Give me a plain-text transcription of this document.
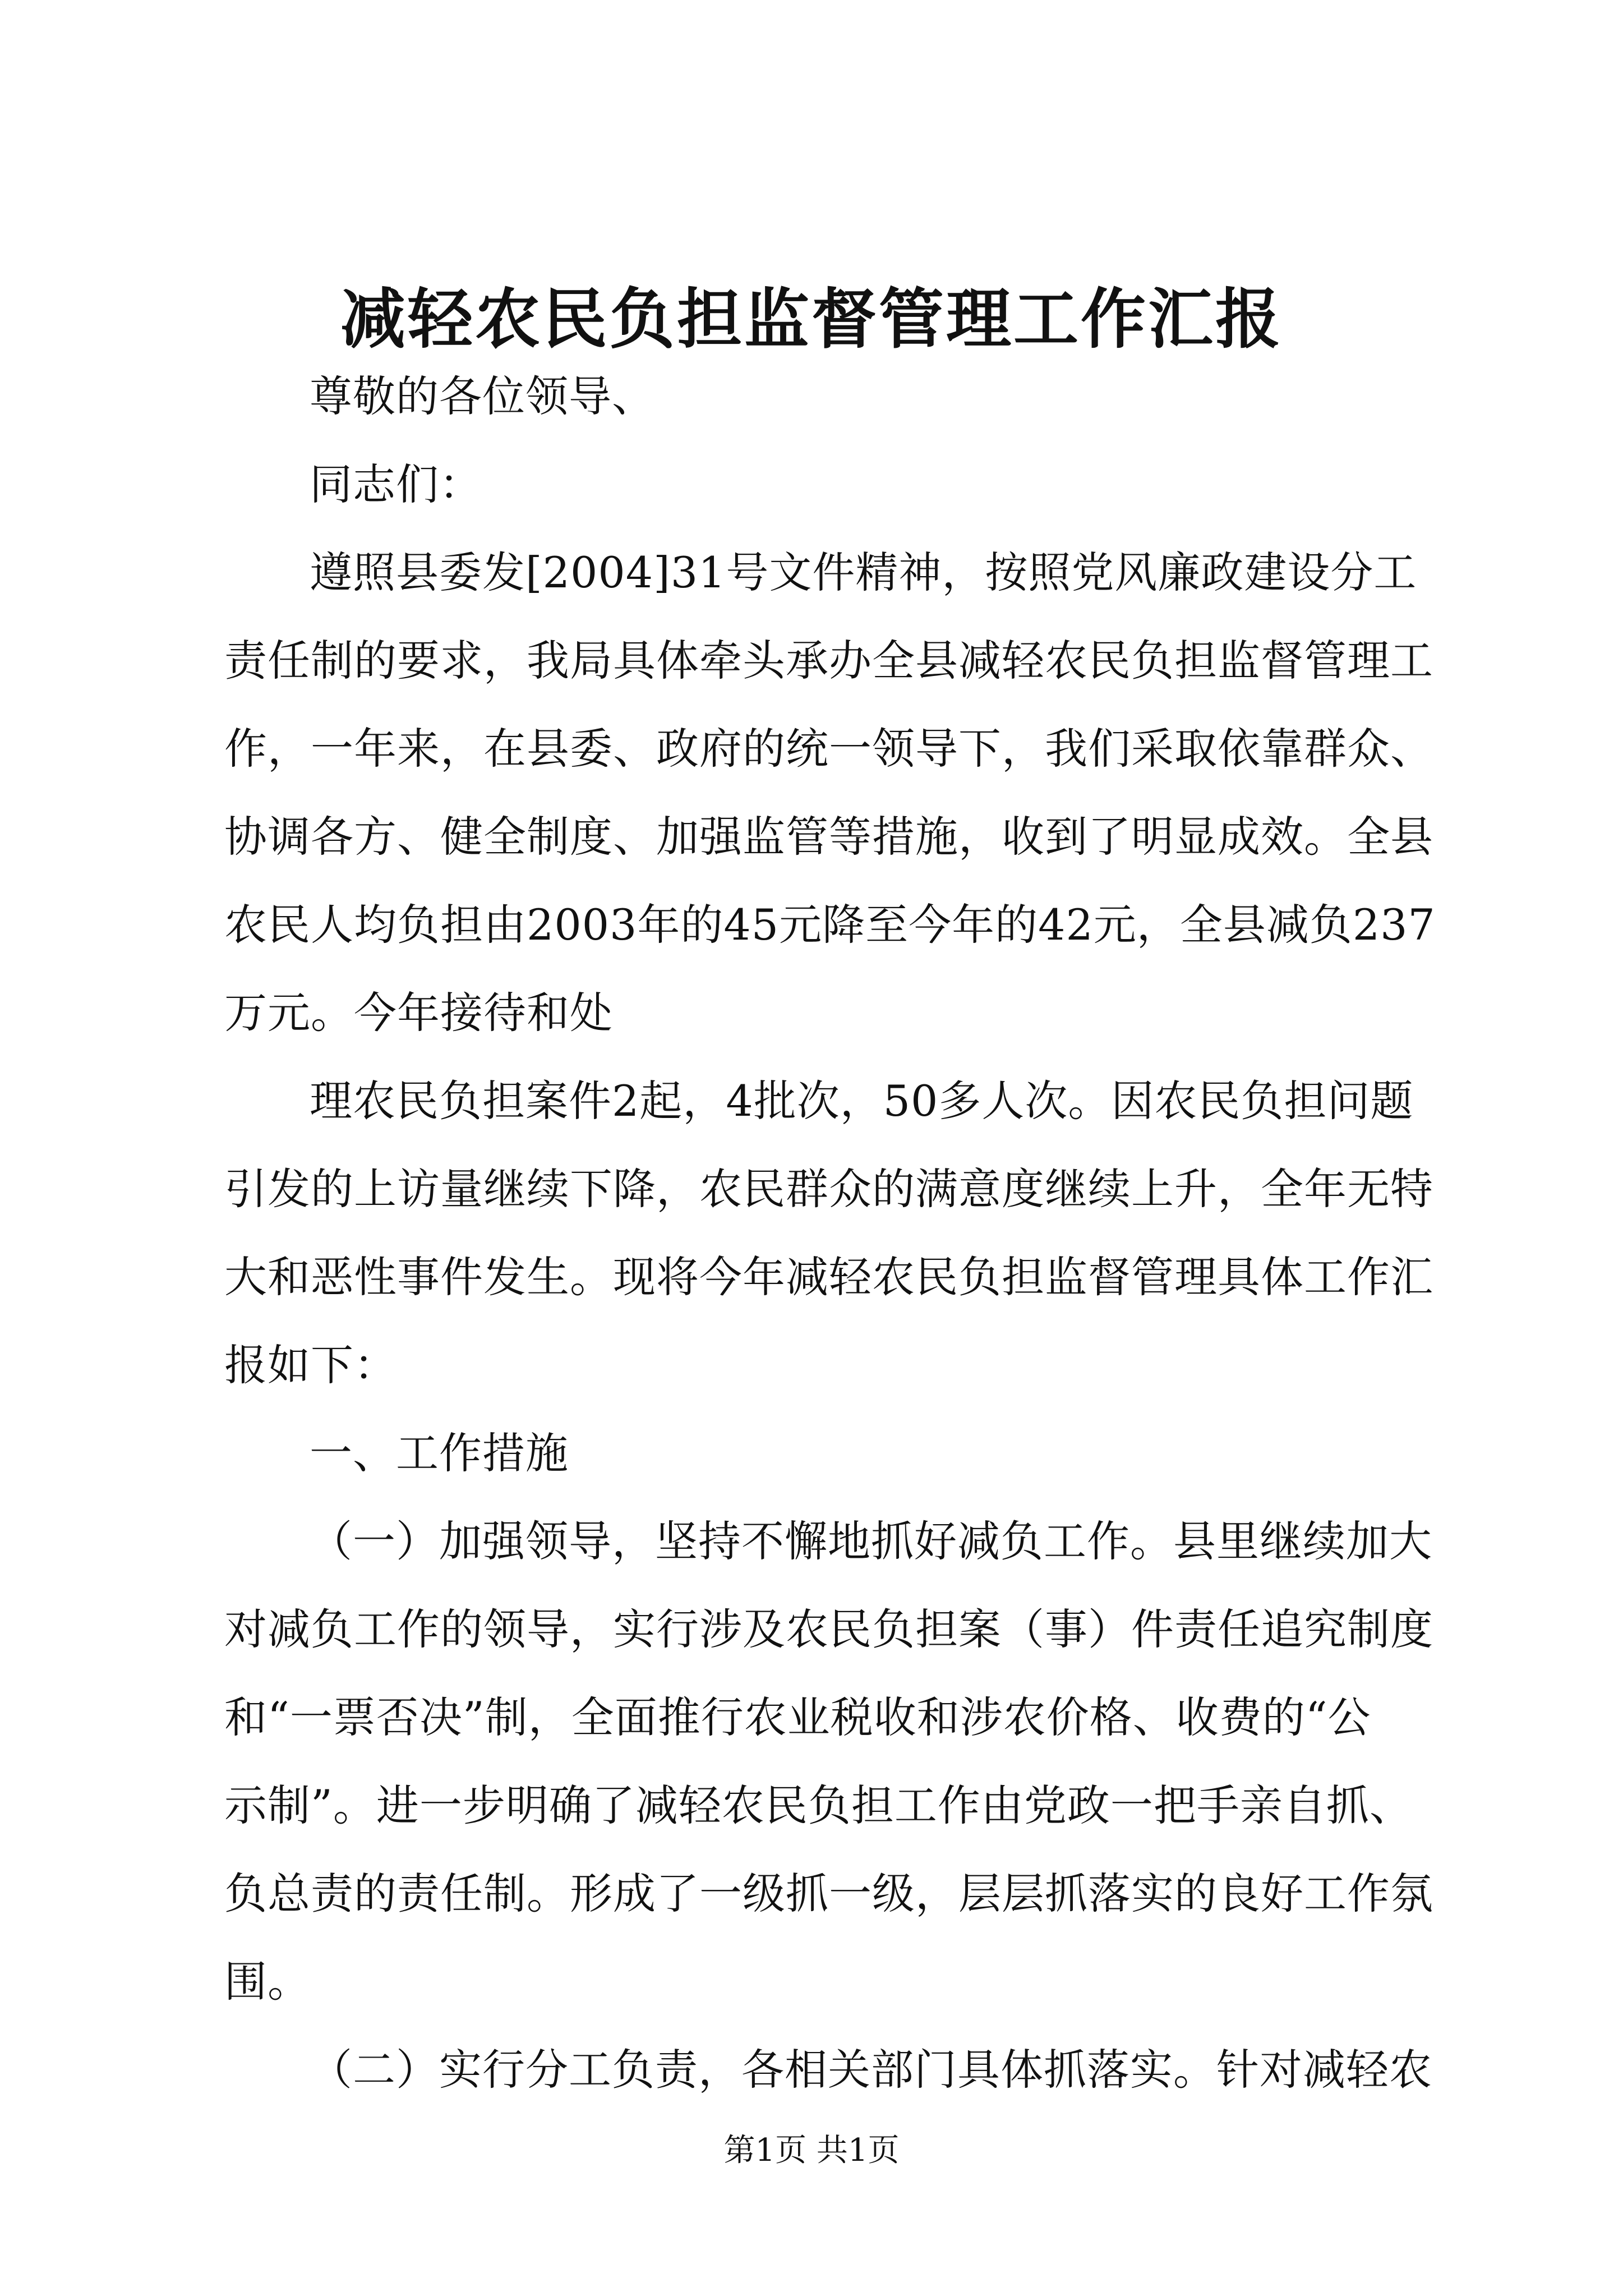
减轻农民负担监督管理工作汇报

尊敬的各位领导、

同志们：

遵照县委发[2004]31号文件精神，按照党风廉政建设分工
责任制的要求，我局具体牵头承办全县减轻农民负担监督管理工
作，一年来，在县委、政府的统一领导下，我们采取依靠群众、
协调各方、健全制度、加强监管等措施，收到了明显成效。全县
农民人均负担由2003年的45元降至今年的42元，全县减负237
万元。今年接待和处

理农民负担案件2起，4批次，50多人次。因农民负担问题
引发的上访量继续下降，农民群众的满意度继续上升，全年无特
大和恶性事件发生。现将今年减轻农民负担监督管理具体工作汇
报如下：

一、工作措施

（一）加强领导，坚持不懈地抓好减负工作。县里继续加大
对减负工作的领导，实行涉及农民负担案（事）件责任追究制度
和“一票否决”制，全面推行农业税收和涉农价格、收费的“公
示制”。进一步明确了减轻农民负担工作由党政一把手亲自抓、
负总责的责任制。形成了一级抓一级，层层抓落实的良好工作氛
围。

（二）实行分工负责，各相关部门具体抓落实。针对减轻农

第1页 共1页
